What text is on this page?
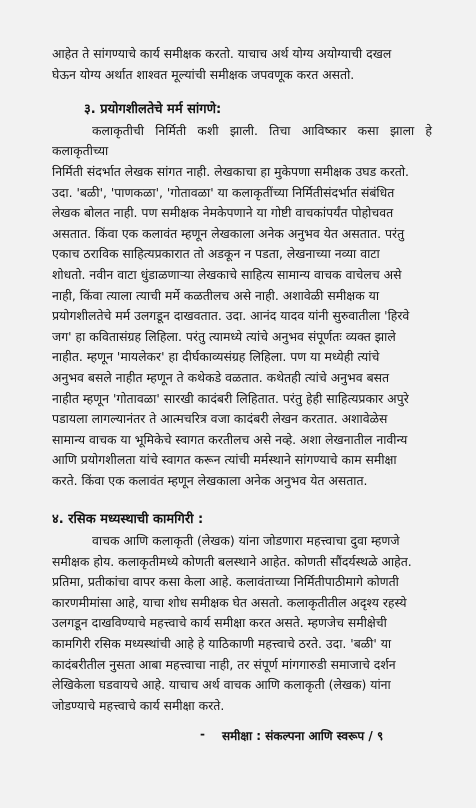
आहेत ते सांगण्याचे कार्य समीक्षक करतो. याचाच अर्थ योग्य अयोग्याची दखल

घेऊन योग्य अर्थात शाश्वत मूल्यांची समीक्षक जपवणूक करत असतो.

३. प्रयोगशीलतेचे मर्म सांगणे:

कलाकृतीची निर्मिती कशी झाली. तिचा आविष्कार कसा झाला हे कलाकृतीच्या

निर्मिती संदर्भात लेखक सांगत नाही. लेखकाचा हा मुकेपणा समीक्षक उघड करतो.

उदा. 'बळी', 'पाणकळा', 'गोतावळा' या कलाकृतींच्या निर्मितीसंदर्भात संबंधित

लेखक बोलत नाही. पण समीक्षक नेमकेपणाने या गोष्टी वाचकांपर्यंत पोहोचवत

असतात. किंवा एक कलावंत म्हणून लेखकाला अनेक अनुभव येत असतात. परंतु

एकाच ठराविक साहित्यप्रकारात तो अडकून न पडता, लेखनाच्या नव्या वाटा

शोधतो. नवीन वाटा धुंडाळणाऱ्या लेखकाचे साहित्य सामान्य वाचक वाचेलच असे

नाही, किंवा त्याला त्याची मर्मे कळतीलच असे नाही. अशावेळी समीक्षक या

प्रयोगशीलतेचे मर्म उलगडून दाखवतात. उदा. आनंद यादव यांनी सुरुवातीला 'हिरवे

जग' हा कवितासंग्रह लिहिला. परंतु त्यामध्ये त्यांचे अनुभव संपूर्णतः व्यक्त झाले

नाहीत. म्हणून 'मायलेकर' हा दीर्घकाव्यसंग्रह लिहिला. पण या मध्येही त्यांचे

अनुभव बसले नाहीत म्हणून ते कथेकडे वळतात. कथेतही त्यांचे अनुभव बसत

नाहीत म्हणून 'गोतावळा' सारखी कादंबरी लिहितात. परंतु हेही साहित्यप्रकार अपुरे

पडायला लागल्यानंतर ते आत्मचरित्र वजा कादंबरी लेखन करतात. अशावेळेस

सामान्य वाचक या भूमिकेचे स्वागत करतीलच असे नव्हे. अशा लेखनातील नावीन्य

आणि प्रयोगशीलता यांचे स्वागत करून त्यांची मर्मस्थाने सांगण्याचे काम समीक्षा

करते. किंवा एक कलावंत म्हणून लेखकाला अनेक अनुभव येत असतात.

४. रसिक मध्यस्थाची कामगिरी :

वाचक आणि कलाकृती (लेखक) यांना जोडणारा महत्त्वाचा दुवा म्हणजे

समीक्षक होय. कलाकृतीमध्ये कोणती बलस्थाने आहेत. कोणती सौंदर्यस्थळे आहेत.

प्रतिमा, प्रतीकांचा वापर कसा केला आहे. कलावंताच्या निर्मितीपाठीमागे कोणती

कारणमीमांसा आहे, याचा शोध समीक्षक घेत असतो. कलाकृतीतील अदृश्य रहस्ये

उलगडून दाखविण्याचे महत्त्वाचे कार्य समीक्षा करत असते. म्हणजेच समीक्षेची

कामगिरी रसिक मध्यस्थांची आहे हे याठिकाणी महत्त्वाचे ठरते. उदा. 'बळी' या

कादंबरीतील नुसता आबा महत्त्वाचा नाही, तर संपूर्ण मांगगारुडी समाजाचे दर्शन

लेखिकेला घडवायचे आहे. याचाच अर्थ वाचक आणि कलाकृती (लेखक) यांना

जोडण्याचे महत्त्वाचे कार्य समीक्षा करते.

- समीक्षा : संकल्पना आणि स्वरूप / ९
